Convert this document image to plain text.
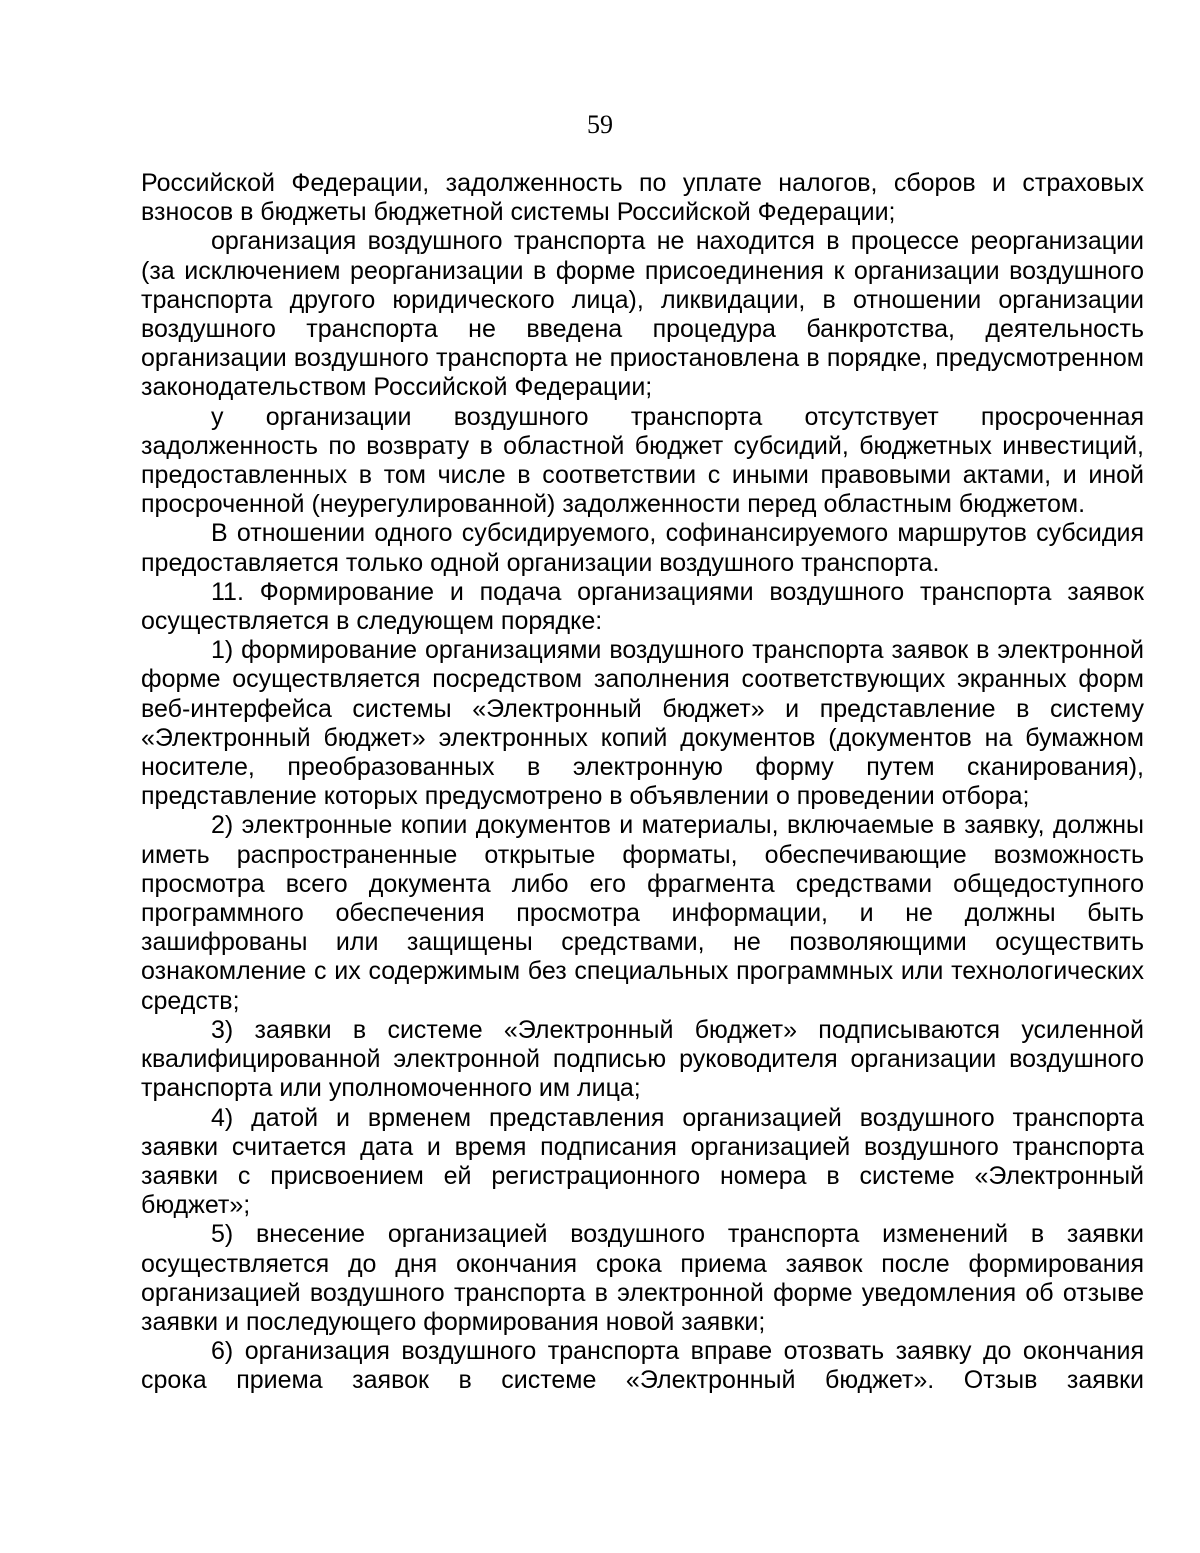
59

Российской Федерации, задолженность по уплате налогов, сборов и страховых взносов в бюджеты бюджетной системы Российской Федерации;

организация воздушного транспорта не находится в процессе реорганизации (за исключением реорганизации в форме присоединения к организации воздушного транспорта другого юридического лица), ликвидации, в отношении организации воздушного транспорта не введена процедура банкротства, деятельность организации воздушного транспорта не приостановлена в порядке, предусмотренном законодательством Российской Федерации;

у организации воздушного транспорта отсутствует просроченная задолженность по возврату в областной бюджет субсидий, бюджетных инвестиций, предоставленных в том числе в соответствии с иными правовыми актами, и иной просроченной (неурегулированной) задолженности перед областным бюджетом.

В отношении одного субсидируемого, софинансируемого маршрутов субсидия предоставляется только одной организации воздушного транспорта.

11. Формирование и подача организациями воздушного транспорта заявок осуществляется в следующем порядке:

1) формирование организациями воздушного транспорта заявок в электронной форме осуществляется посредством заполнения соответствующих экранных форм веб-интерфейса системы «Электронный бюджет» и представление в систему «Электронный бюджет» электронных копий документов (документов на бумажном носителе, преобразованных в электронную форму путем сканирования), представление которых предусмотрено в объявлении о проведении отбора;

2) электронные копии документов и материалы, включаемые в заявку, должны иметь распространенные открытые форматы, обеспечивающие возможность просмотра всего документа либо его фрагмента средствами общедоступного программного обеспечения просмотра информации, и не должны быть зашифрованы или защищены средствами, не позволяющими осуществить ознакомление с их содержимым без специальных программных или технологических средств;

3) заявки в системе «Электронный бюджет» подписываются усиленной квалифицированной электронной подписью руководителя организации воздушного транспорта или уполномоченного им лица;

4) датой и врменем представления организацией воздушного транспорта заявки считается дата и время подписания организацией воздушного транспорта заявки с присвоением ей регистрационного номера в системе «Электронный бюджет»;

5) внесение организацией воздушного транспорта изменений в заявки осуществляется до дня окончания срока приема заявок после формирования организацией воздушного транспорта в электронной форме уведомления об отзыве заявки и последующего формирования новой заявки;

6) организация воздушного транспорта вправе отозвать заявку до окончания срока приема заявок в системе «Электронный бюджет». Отзыв заявки
